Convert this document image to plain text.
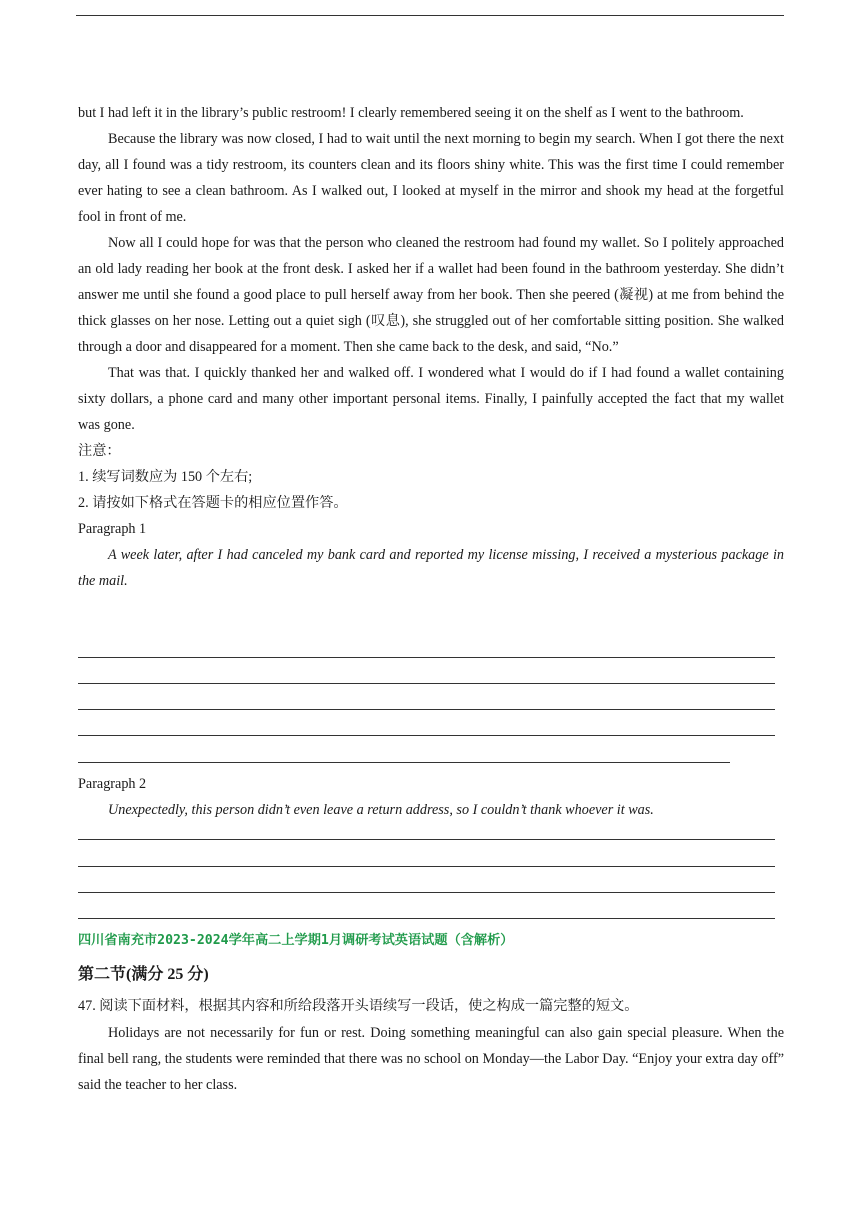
but I had left it in the library’s public restroom! I clearly remembered seeing it on the shelf as I went to the bathroom.

Because the library was now closed, I had to wait until the next morning to begin my search. When I got there the next day, all I found was a tidy restroom, its counters clean and its floors shiny white. This was the first time I could remember ever hating to see a clean bathroom. As I walked out, I looked at myself in the mirror and shook my head at the forgetful fool in front of me.

Now all I could hope for was that the person who cleaned the restroom had found my wallet. So I politely approached an old lady reading her book at the front desk. I asked her if a wallet had been found in the bathroom yesterday. She didn’t answer me until she found a good place to pull herself away from her book. Then she peered (凝视) at me from behind the thick glasses on her nose. Letting out a quiet sigh (叹息), she struggled out of her comfortable sitting position. She walked through a door and disappeared for a moment. Then she came back to the desk, and said, “No.”

That was that. I quickly thanked her and walked off. I wondered what I would do if I had found a wallet containing sixty dollars, a phone card and many other important personal items. Finally, I painfully accepted the fact that my wallet was gone.

注意：

1. 续写词数应为 150 个左右;

2. 请按如下格式在答题卡的相应位置作答。

Paragraph 1

A week later, after I had canceled my bank card and reported my license missing, I received a mysterious package in the mail.

Paragraph 2

Unexpectedly, this person didn’t even leave a return address, so I couldn’t thank whoever it was.

四川省南充市2023-2024学年高二上学期1月调研考试英语试题（含解析）
第二节(满分 25 分)

47. 阅读下面材料，根据其内容和所给段落开头语续写一段话，使之构成一篇完整的短文。

Holidays are not necessarily for fun or rest. Doing something meaningful can also gain special pleasure. When the final bell rang, the students were reminded that there was no school on Monday—the Labor Day. “Enjoy your extra day off” said the teacher to her class.
